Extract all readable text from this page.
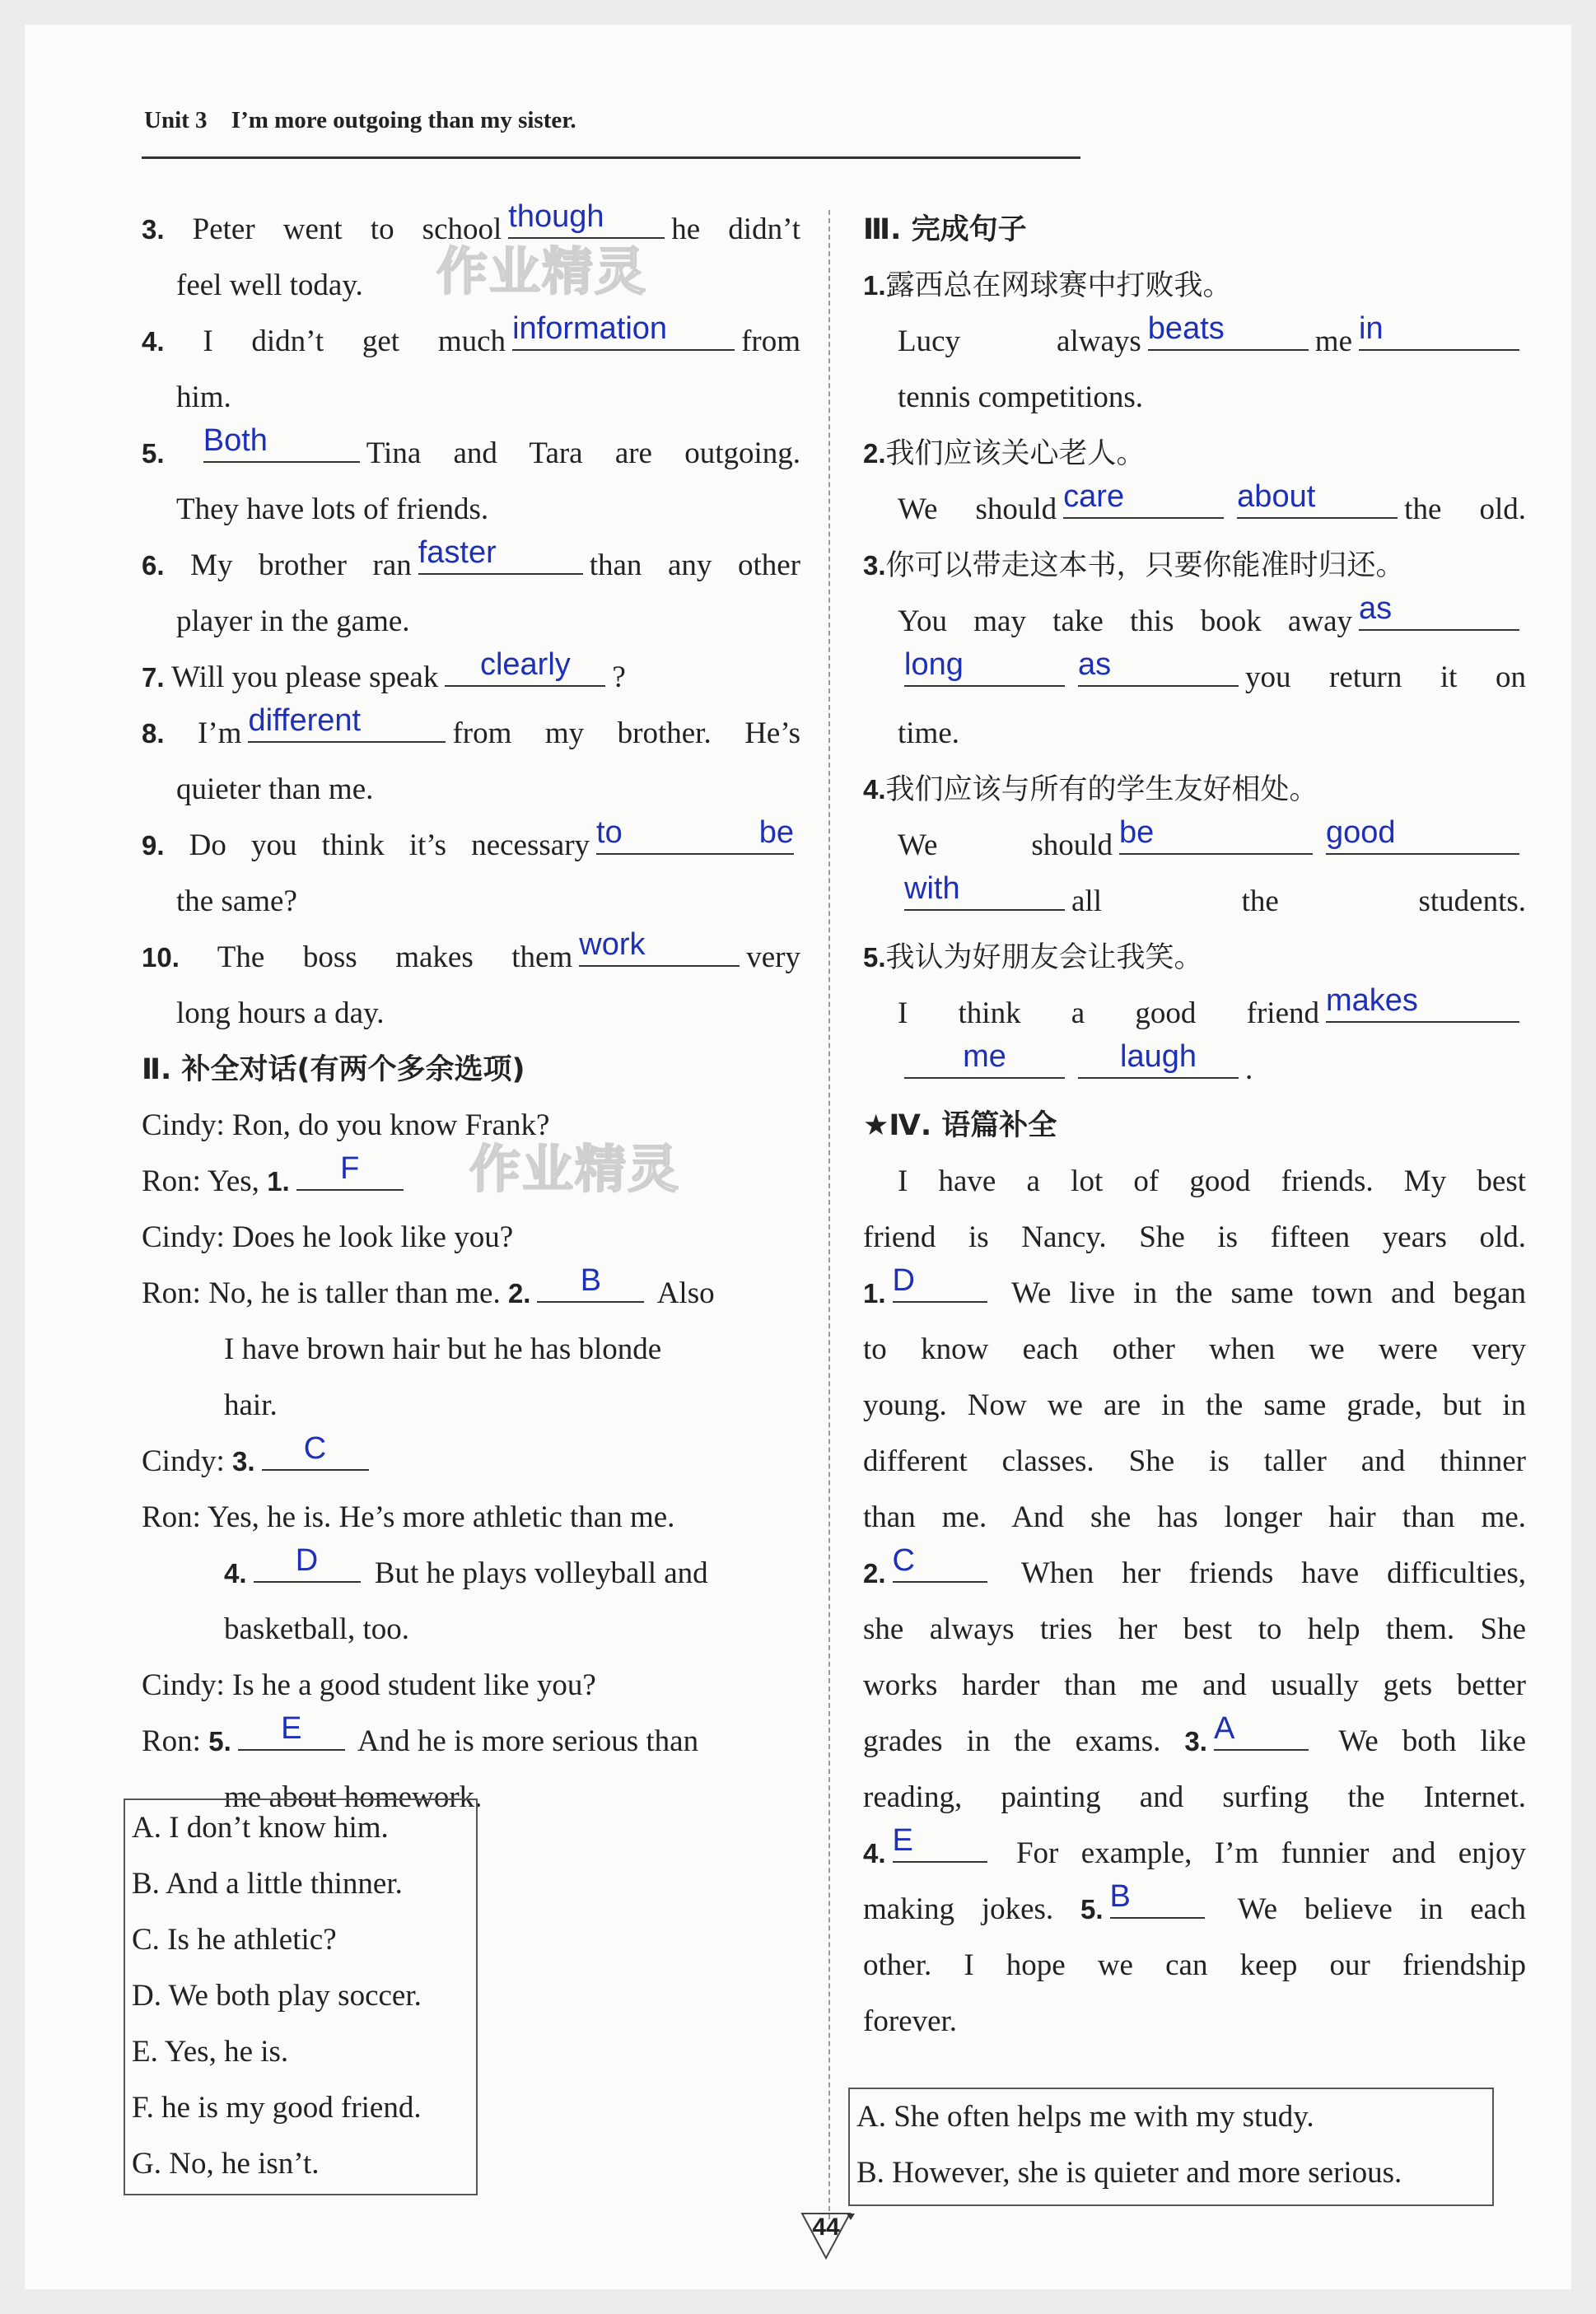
Unit 3 I’m more outgoing than my sister.
作业精灵
作业精灵
3. Peter went to school though	he didn’t
feel well today.
4. I didn’t get much information	from
him.
5. Both	Tina and Tara are outgoing.
They have lots of friends.
6. My brother ran faster	than any other
player in the game.
7. Will you please speak	clearly	?
8. I’m different	from my brother. He’s
quieter than me.
9. Do you think it’s necessary to be
the same?
10. The boss makes them work	very
long hours a day.
Ⅱ. 补全对话(有两个多余选项)
Cindy: Ron, do you know Frank?
Ron: Yes, 1.	F
Cindy: Does he look like you?
Ron: No, he is taller than me. 2.	B	Also
I have brown hair but he has blonde
hair.
Cindy: 3.	C
Ron: Yes, he is. He’s more athletic than me.
4.	D	But he plays volleyball and
basketball, too.
Cindy: Is he a good student like you?
Ron: 5.	E	And he is more serious than
me about homework.
A. I don’t know him.
B. And a little thinner.
C. Is he athletic?
D. We both play soccer.
E. Yes, he is.
F. he is my good friend.
G. No, he isn’t.
Ⅲ. 完成句子
1.露西总在网球赛中打败我。
Lucy always beats	me in
tennis competitions.
2.我们应该关心老人。
We should care	about	the old.
3.你可以带走这本书，只要你能准时归还。
You may take this book away as
long	as	you return it on
time.
4.我们应该与所有的学生友好相处。
We should be	good
with	all the students.
5.我认为好朋友会让我笑。
I think a good friend makes
me	laugh	.
★Ⅳ. 语篇补全
I have a lot of good friends. My best
friend is Nancy. She is fifteen years old.
1. D	We live in the same town and began
to know each other when we were very
young. Now we are in the same grade, but in
different classes. She is taller and thinner
than me. And she has longer hair than me.
2. C	When her friends have difficulties,
she always tries her best to help them. She
works harder than me and usually gets better
grades in the exams. 3. A	We both like
reading, painting and surfing the Internet.
4. E	For example, I’m funnier and enjoy
making jokes. 5. B	We believe in each
other. I hope we can keep our friendship
forever.
A. She often helps me with my study.
B. However, she is quieter and more serious.
44
